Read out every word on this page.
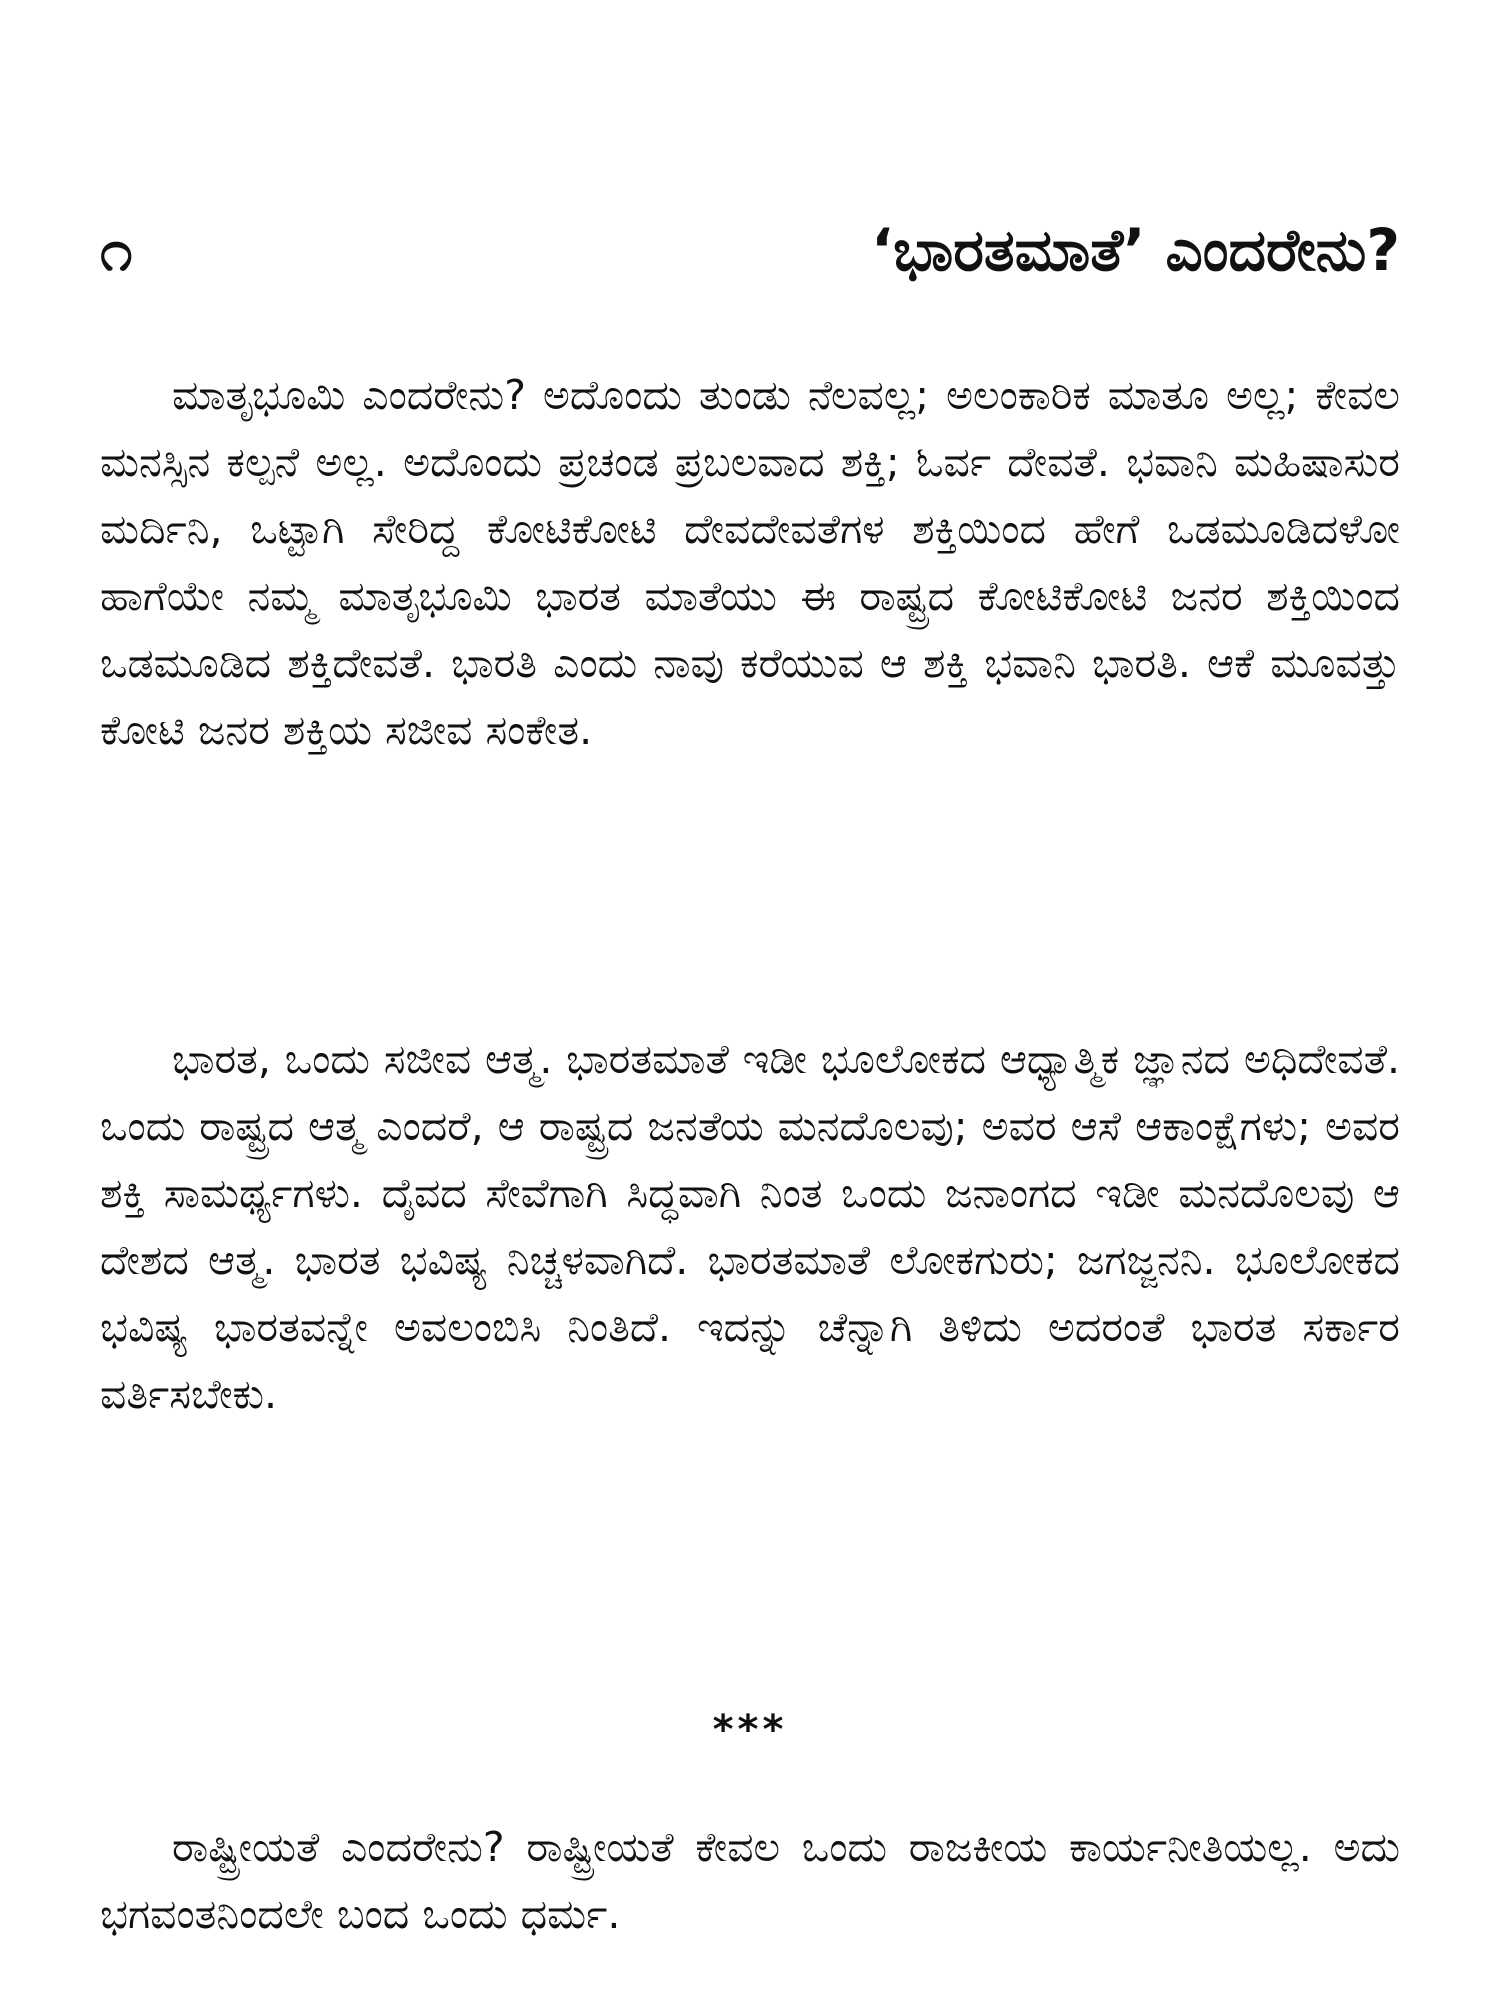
೧	‘ಭಾರತಮಾತೆ’ ಎಂದರೇನು?

ಮಾತೃಭೂಮಿ ಎಂದರೇನು? ಅದೊಂದು ತುಂಡು ನೆಲವಲ್ಲ; ಅಲಂಕಾರಿಕ ಮಾತೂ ಅಲ್ಲ; ಕೇವಲ ಮನಸ್ಸಿನ ಕಲ್ಪನೆ ಅಲ್ಲ. ಅದೊಂದು ಪ್ರಚಂಡ ಪ್ರಬಲವಾದ ಶಕ್ತಿ; ಓರ್ವ ದೇವತೆ. ಭವಾನಿ ಮಹಿಷಾಸುರ ಮರ್ದಿನಿ, ಒಟ್ಟಾಗಿ ಸೇರಿದ್ದ ಕೋಟಿಕೋಟಿ ದೇವದೇವತೆಗಳ ಶಕ್ತಿಯಿಂದ ಹೇಗೆ ಒಡಮೂಡಿದಳೋ ಹಾಗೆಯೇ ನಮ್ಮ ಮಾತೃಭೂಮಿ ಭಾರತ ಮಾತೆಯು ಈ ರಾಷ್ಟ್ರದ ಕೋಟಿಕೋಟಿ ಜನರ ಶಕ್ತಿಯಿಂದ ಒಡಮೂಡಿದ ಶಕ್ತಿದೇವತೆ. ಭಾರತಿ ಎಂದು ನಾವು ಕರೆಯುವ ಆ ಶಕ್ತಿ ಭವಾನಿ ಭಾರತಿ. ಆಕೆ ಮೂವತ್ತು ಕೋಟಿ ಜನರ ಶಕ್ತಿಯ ಸಜೀವ ಸಂಕೇತ.

ಭಾರತ, ಒಂದು ಸಜೀವ ಆತ್ಮ. ಭಾರತಮಾತೆ ಇಡೀ ಭೂಲೋಕದ ಆಧ್ಯಾತ್ಮಿಕ ಜ್ಞಾನದ ಅಧಿದೇವತೆ. ಒಂದು ರಾಷ್ಟ್ರದ ಆತ್ಮ ಎಂದರೆ, ಆ ರಾಷ್ಟ್ರದ ಜನತೆಯ ಮನದೊಲವು; ಅವರ ಆಸೆ ಆಕಾಂಕ್ಷೆಗಳು; ಅವರ ಶಕ್ತಿ ಸಾಮರ್ಥ್ಯಗಳು. ದೈವದ ಸೇವೆಗಾಗಿ ಸಿದ್ಧವಾಗಿ ನಿಂತ ಒಂದು ಜನಾಂಗದ ಇಡೀ ಮನದೊಲವು ಆ ದೇಶದ ಆತ್ಮ. ಭಾರತ ಭವಿಷ್ಯ ನಿಚ್ಚಳವಾಗಿದೆ. ಭಾರತಮಾತೆ ಲೋಕಗುರು; ಜಗಜ್ಜನನಿ. ಭೂಲೋಕದ ಭವಿಷ್ಯ ಭಾರತವನ್ನೇ ಅವಲಂಬಿಸಿ ನಿಂತಿದೆ. ಇದನ್ನು ಚೆನ್ನಾಗಿ ತಿಳಿದು ಅದರಂತೆ ಭಾರತ ಸರ್ಕಾರ ವರ್ತಿಸಬೇಕು.

***

ರಾಷ್ಟ್ರೀಯತೆ ಎಂದರೇನು? ರಾಷ್ಟ್ರೀಯತೆ ಕೇವಲ ಒಂದು ರಾಜಕೀಯ ಕಾರ್ಯನೀತಿಯಲ್ಲ. ಅದು ಭಗವಂತನಿಂದಲೇ ಬಂದ ಒಂದು ಧರ್ಮ.
